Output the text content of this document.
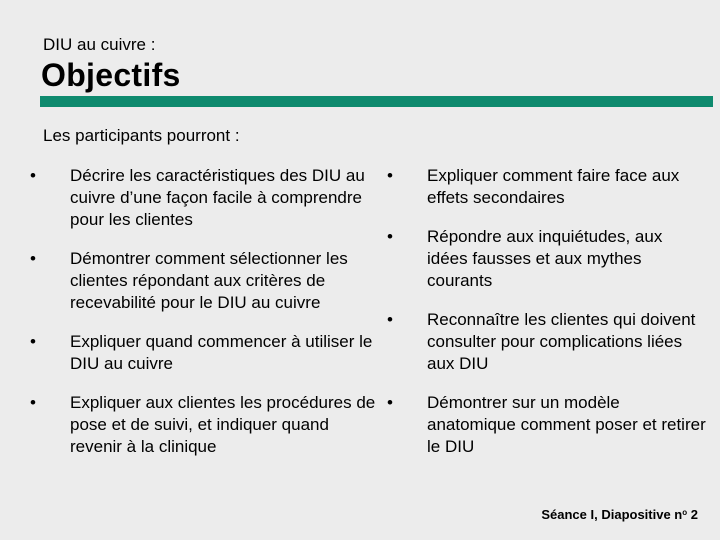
DIU au cuivre :
Objectifs
Les participants pourront :
•	Décrire les caractéristiques des DIU au cuivre d’une façon facile à comprendre pour les clientes
•	Démontrer comment sélectionner les clientes répondant aux critères de recevabilité pour le DIU au cuivre
•	Expliquer quand commencer à utiliser le DIU au cuivre
•	Expliquer aux clientes les procédures de pose et de suivi, et indiquer quand revenir à la clinique
•	Expliquer comment faire face aux effets secondaires
•	Répondre aux inquiétudes, aux idées fausses et aux mythes courants
•	Reconnaître les clientes qui doivent consulter pour complications liées aux DIU
•	Démontrer sur un modèle anatomique comment poser et retirer le DIU
Séance I, Diapositive $n^o$ 2
